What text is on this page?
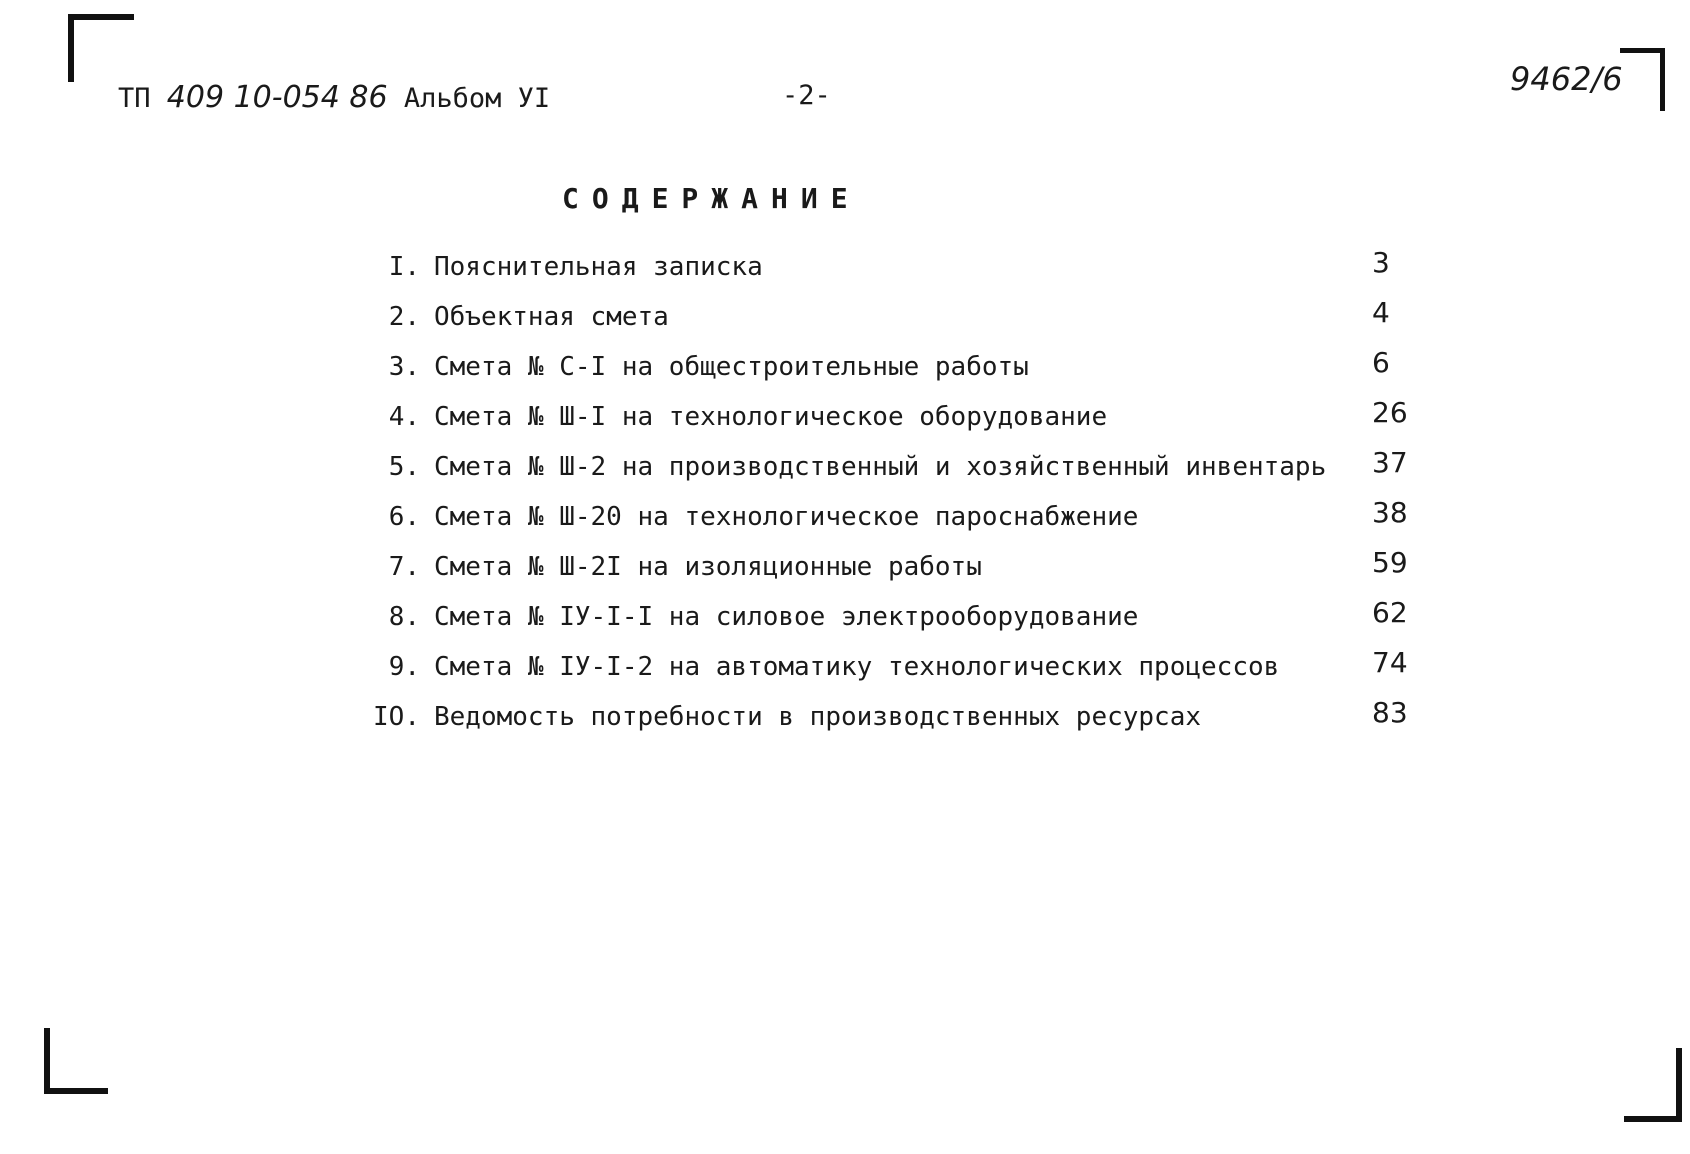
ТП 409 10-054 86 Альбом УI	-2-	9462/6
СОДЕРЖАНИЕ
I. Пояснительная записка	3
2. Объектная смета	4
3. Смета № С-I на общестроительные работы	6
4. Смета № Ш-I на технологическое оборудование	26
5. Смета № Ш-2 на производственный и хозяйственный инвентарь 37
6. Смета № Ш-20 на технологическое пароснабжение	38
7. Смета № Ш-2I на изоляционные работы	59
8. Смета № IУ-I-I на силовое электрооборудование	62
9. Смета № IУ-I-2 на автоматику технологических процессов	74
IO. Ведомость потребности в производственных ресурсах	83
